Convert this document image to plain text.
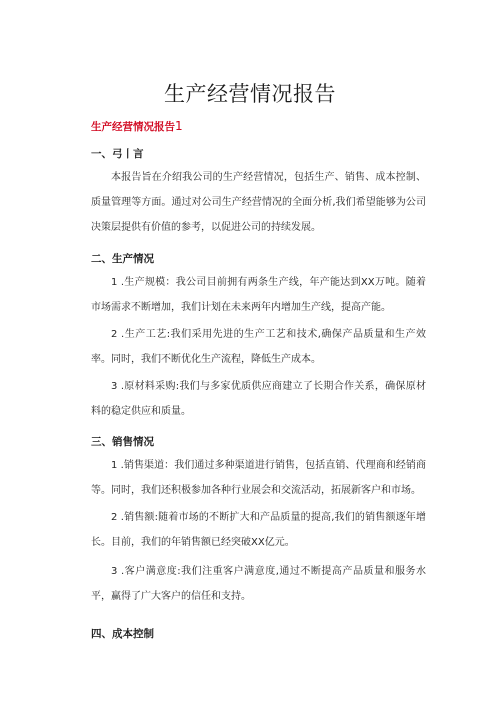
生产经营情况报告

生产经营情况报告1

一、弓丨言

本报告旨在介绍我公司的生产经营情况，包括生产、销售、成本控制、质量管理等方面。通过对公司生产经营情况的全面分析,我们希望能够为公司决策层提供有价值的参考，以促进公司的持续发展。

二、生产情况

1 .生产规模：我公司目前拥有两条生产线，年产能达到XX万吨。随着市场需求不断增加，我们计划在未来两年内增加生产线，提高产能。

2 .生产工艺:我们采用先进的生产工艺和技术,确保产品质量和生产效率。同时，我们不断优化生产流程，降低生产成本。

3 .原材料采购:我们与多家优质供应商建立了长期合作关系，确保原材料的稳定供应和质量。

三、销售情况

1 .销售渠道：我们通过多种渠道进行销售，包括直销、代理商和经销商等。同时，我们还积极参加各种行业展会和交流活动，拓展新客户和市场。

2 .销售额:随着市场的不断扩大和产品质量的提高,我们的销售额逐年增长。目前，我们的年销售额已经突破XX亿元。

3 .客户满意度:我们注重客户满意度,通过不断提高产品质量和服务水平，赢得了广大客户的信任和支持。

四、成本控制
